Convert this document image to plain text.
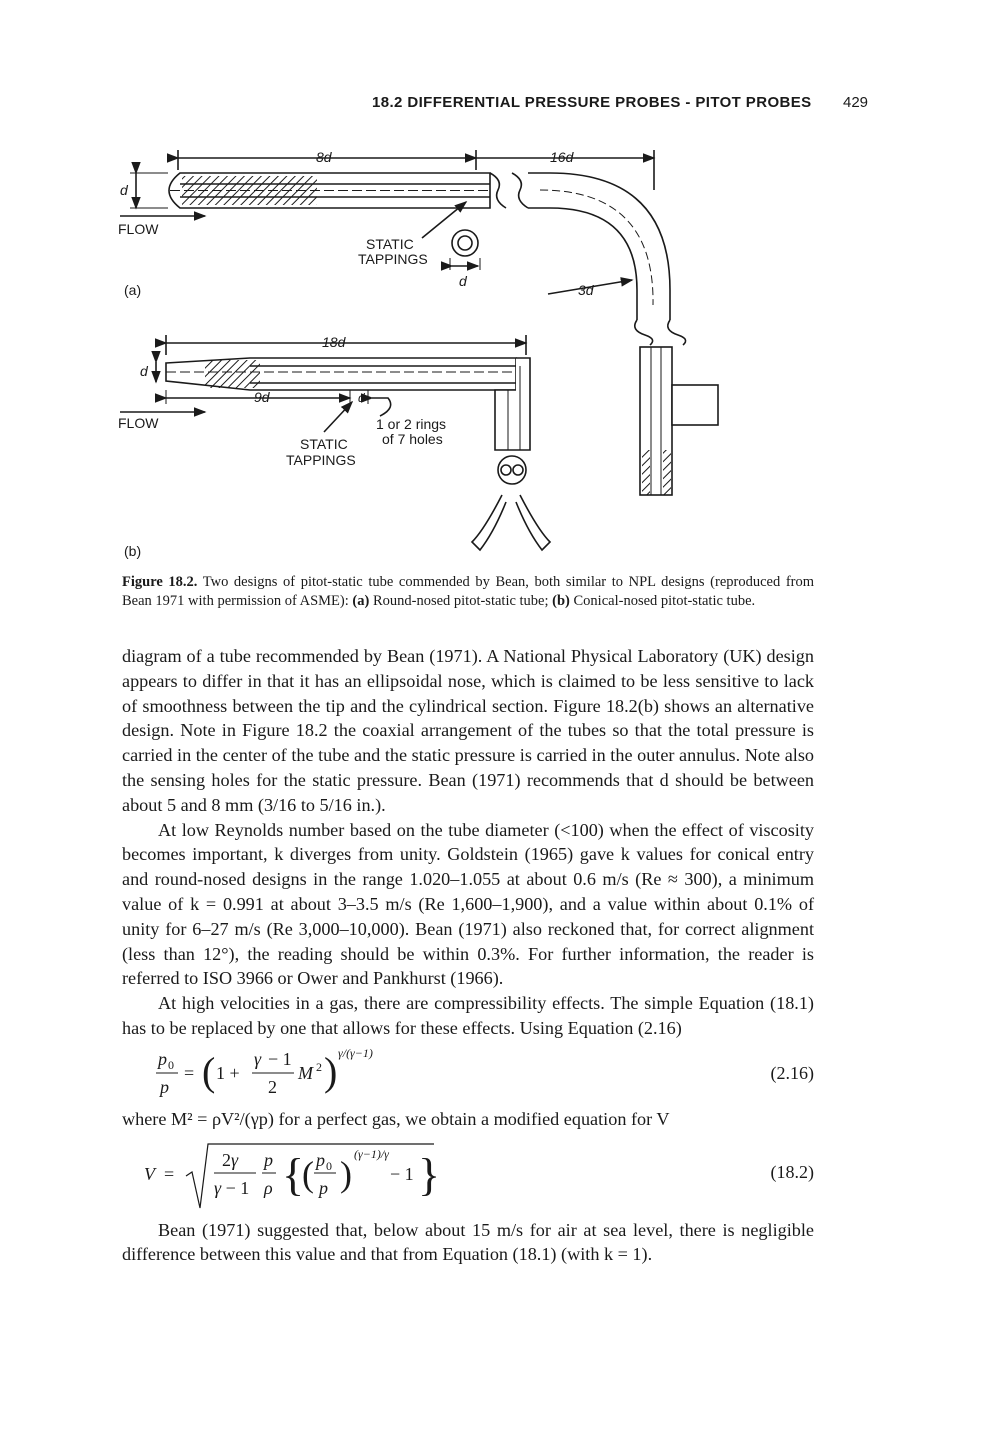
18.2 DIFFERENTIAL PRESSURE PROBES - PITOT PROBES 429
8d	16d
d
FLOW
STATIC
TAPPINGS
d
3d
(a)
18d
d
9d	d
FLOW	1 or 2 rings
of 7 holes
STATIC
TAPPINGS
(b)
Figure 18.2. Two designs of pitot-static tube commended by Bean, both similar to NPL designs (reproduced from Bean 1971 with permission of ASME): (a) Round-nosed pitot-static tube; (b) Conical-nosed pitot-static tube.

diagram of a tube recommended by Bean (1971). A National Physical Laboratory (UK) design appears to differ in that it has an ellipsoidal nose, which is claimed to be less sensitive to lack of smoothness between the tip and the cylindrical section. Figure 18.2(b) shows an alternative design. Note in Figure 18.2 the coaxial arrangement of the tubes so that the total pressure is carried in the center of the tube and the static pressure is carried in the outer annulus. Note also the sensing holes for the static pressure. Bean (1971) recommends that d should be between about 5 and 8 mm (3/16 to 5/16 in.).

At low Reynolds number based on the tube diameter (<100) when the effect of viscosity becomes important, k diverges from unity. Goldstein (1965) gave k values for conical entry and round-nosed designs in the range 1.020–1.055 at about 0.6 m/s (Re ≈ 300), a minimum value of k = 0.991 at about 3–3.5 m/s (Re 1,600–1,900), and a value within about 0.1% of unity for 6–27 m/s (Re 3,000–10,000). Bean (1971) also reckoned that, for correct alignment (less than 12°), the reading should be within 0.3%. For further information, the reader is referred to ISO 3966 or Ower and Pankhurst (1966).

At high velocities in a gas, there are compressibility effects. The simple Equation (18.1) has to be replaced by one that allows for these effects. Using Equation (2.16)

p 0
p
= ( 1 +
γ − 1
2
M 2 ) γ/(γ−1)
(2.16)

where M² = ρV²/(γp) for a perfect gas, we obtain a modified equation for V

V =
2γ
γ − 1
p
ρ {
( p 0
p ) (γ−1)/γ
− 1 }	(18.2)

Bean (1971) suggested that, below about 15 m/s for air at sea level, there is negligible difference between this value and that from Equation (18.1) (with k = 1).
